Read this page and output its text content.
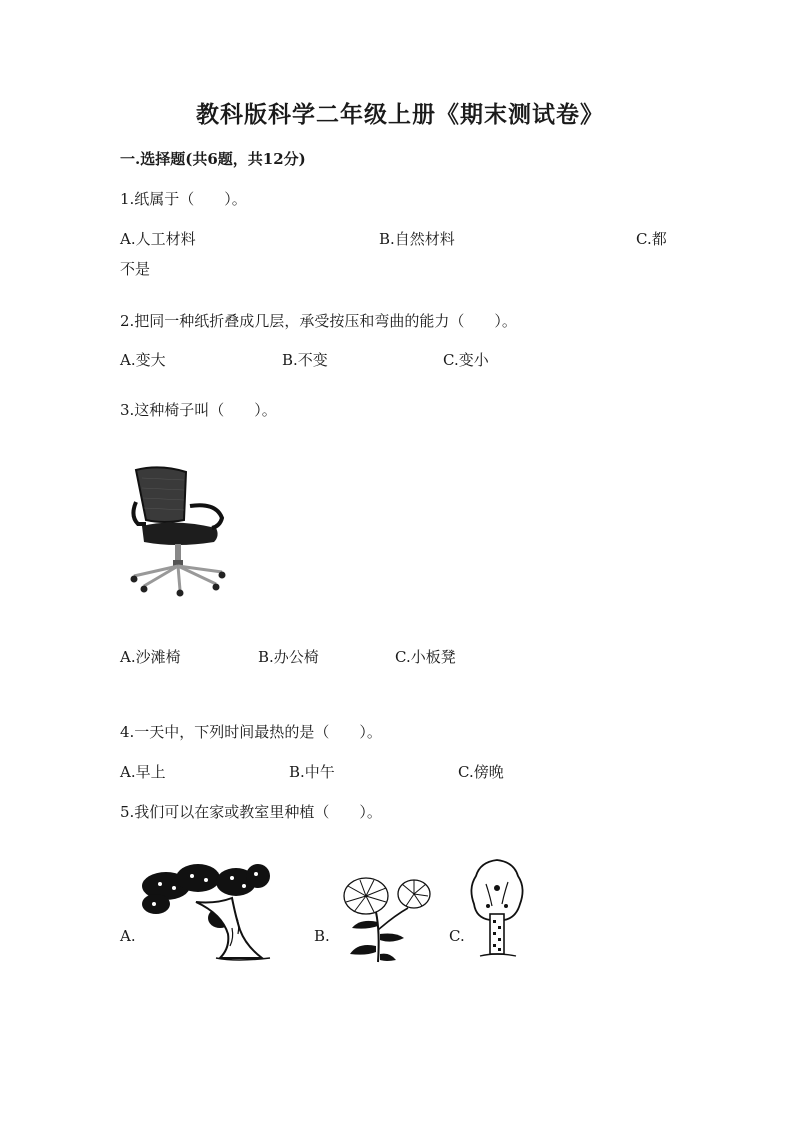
教科版科学二年级上册《期末测试卷》
一.选择题(共6题，共12分)
1.纸属于（　　）。
A.人工材料	B.自然材料	C.都
不是
2.把同一种纸折叠成几层，承受按压和弯曲的能力（　　）。
A.变大	B.不变	C.变小
3.这种椅子叫（　　）。
A.沙滩椅	B.办公椅	C.小板凳
4.一天中，下列时间最热的是（　　）。
A.早上	B.中午	C.傍晚
5.我们可以在家或教室里种植（　　）。
A.	B.	C.
